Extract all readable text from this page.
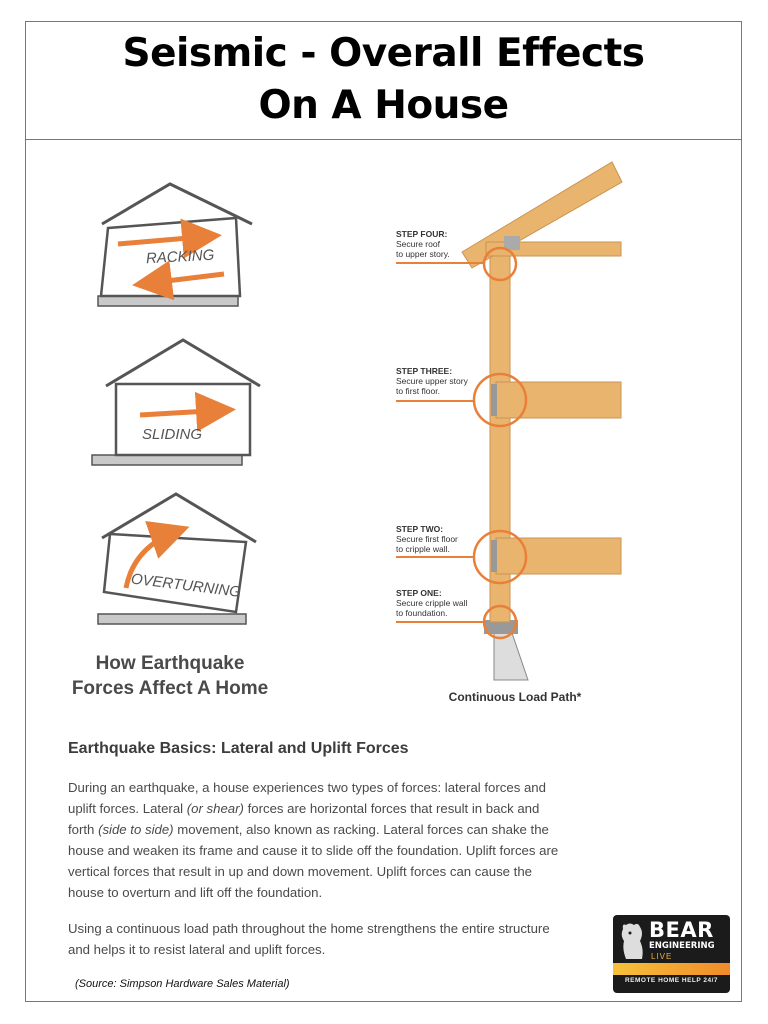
Seismic - Overall Effects
On A House
RACKING
SLIDING
OVERTURNING
STEP FOUR:
Secure roof
to upper story.
STEP THREE:
Secure upper story
to first floor.
STEP TWO:
Secure first floor
to cripple wall.
STEP ONE:
Secure cripple wall
to foundation.
How Earthquake
Forces Affect A Home	Continuous Load Path*
Earthquake Basics: Lateral and Uplift Forces

During an earthquake, a house experiences two types of forces: lateral forces and uplift forces. Lateral (or shear) forces are horizontal forces that result in back and forth (side to side) movement, also known as racking. Lateral forces can shake the house and weaken its frame and cause it to slide off the foundation. Uplift forces are vertical forces that result in up and down movement. Uplift forces can cause the house to overturn and lift off the foundation.

Using a continuous load path throughout the home strengthens the entire structure and helps it to resist lateral and uplift forces.

(Source: Simpson Hardware Sales Material)
BEAR
ENGINEERING
LIVE
REMOTE HOME HELP 24/7
